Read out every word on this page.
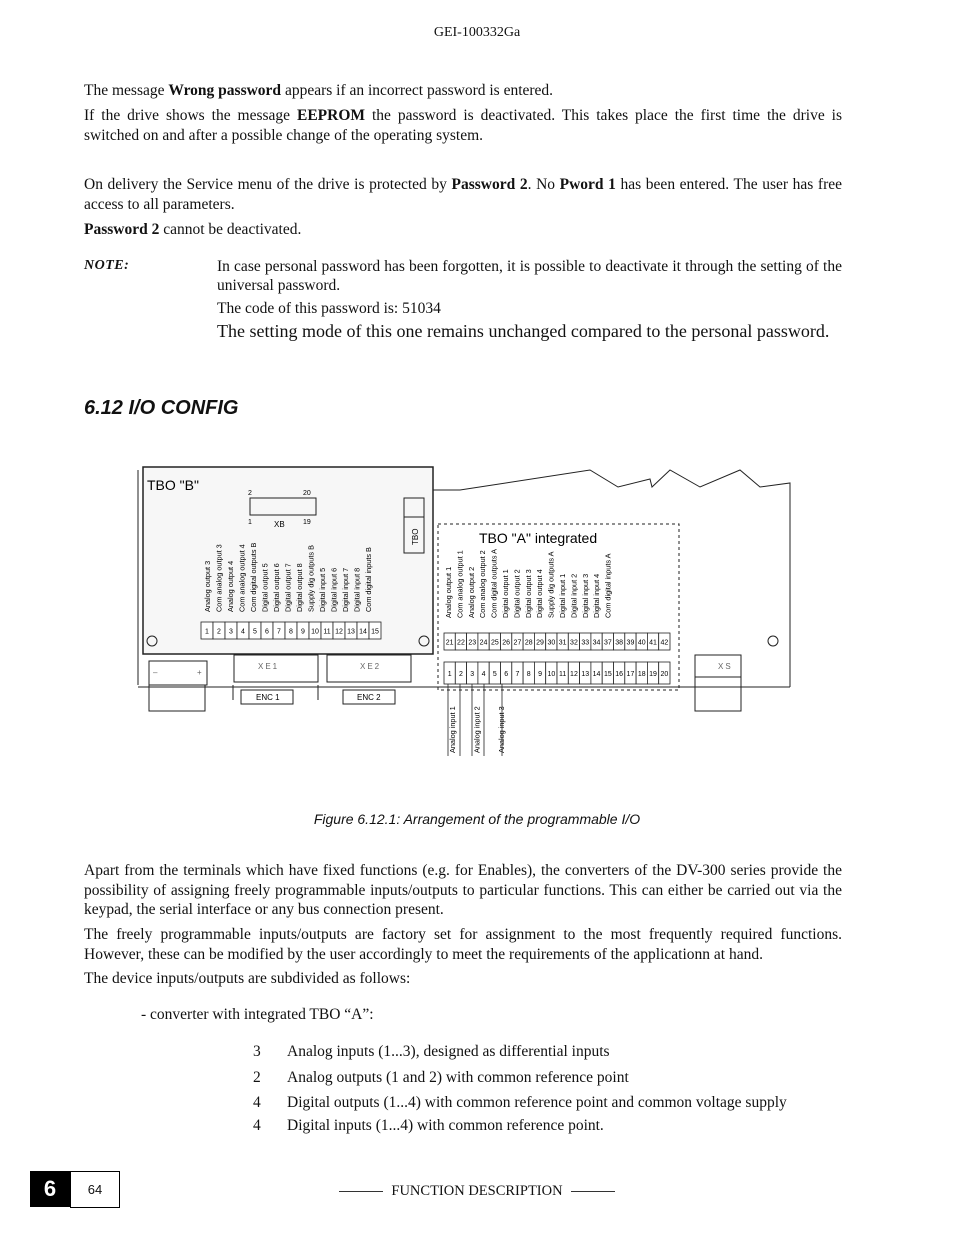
GEI-100332Ga

The message Wrong password appears if an incorrect password is entered.

If the drive shows the message EEPROM the password is deactivated. This takes place the first time the drive is switched on and after a possible change of the operating system.

On delivery the Service menu of the drive is protected by Password 2. No Pword 1 has been entered. The user has free access to all parameters.

Password 2 cannot be deactivated.

NOTE:	In case personal password has been forgotten, it is possible to deactivate it through the setting of the universal password.

The code of this password is: 51034

The setting mode of this one remains unchanged compared to the personal password.

6.12 I/O CONFIG
TBO "B"
TBO "A" integrated
TBO
XB
2	20
1	19
XE1	XE2	XS
ENC 1	ENC 2
–	+
1 2 3 4 5 6 7 8 9 10 11 12 13 14 15
Analog output 3 Com analog output 3 Analog output 4 Com analog output 4 Com digital outputs B Digital output 5 Digital output 6 Digital output 7 Digital output 8 Supply dig outputs B Digital input 5 Digital input 6 Digital input 7 Digital input 8 Com digital inputs B
21 22 23 24 25 26 27 28 29 30 31 32 33 34 37 38 39 40 41 42
Analog output 1 Com analog output 1 Analog output 2 Com analog output 2 Com digital outputs A Digital output 1 Digital output 2 Digital output 3 Digital output 4 Supply dig outputs A Digital input 1 Digital input 2 Digital input 3 Digital input 4 Com digital inputs A
1 2 3 4 5 6 7 8 9 10 11 12 13 14 15 16 17 18 19 20
Analog input 1 Analog input 2 Analog input 3
Figure 6.12.1: Arrangement of the programmable I/O

Apart from the terminals which have fixed functions (e.g. for Enables), the converters of the DV-300 series provide the possibility of assigning freely programmable inputs/outputs to particular functions. This can either be carried out via the keypad, the serial interface or any bus connection present.

The freely programmable inputs/outputs are factory set for assignment to the most frequently required functions. However, these can be modified by the user accordingly to meet the requirements of the applicationn at hand.

The device inputs/outputs are subdivided as follows:

- converter with integrated TBO “A”:

3	Analog inputs (1...3), designed as differential inputs
2	Analog outputs (1 and 2) with common reference point
4	Digital outputs (1...4) with common reference point and common voltage supply
4	Digital inputs (1...4) with common reference point.
6	64	FUNCTION DESCRIPTION
